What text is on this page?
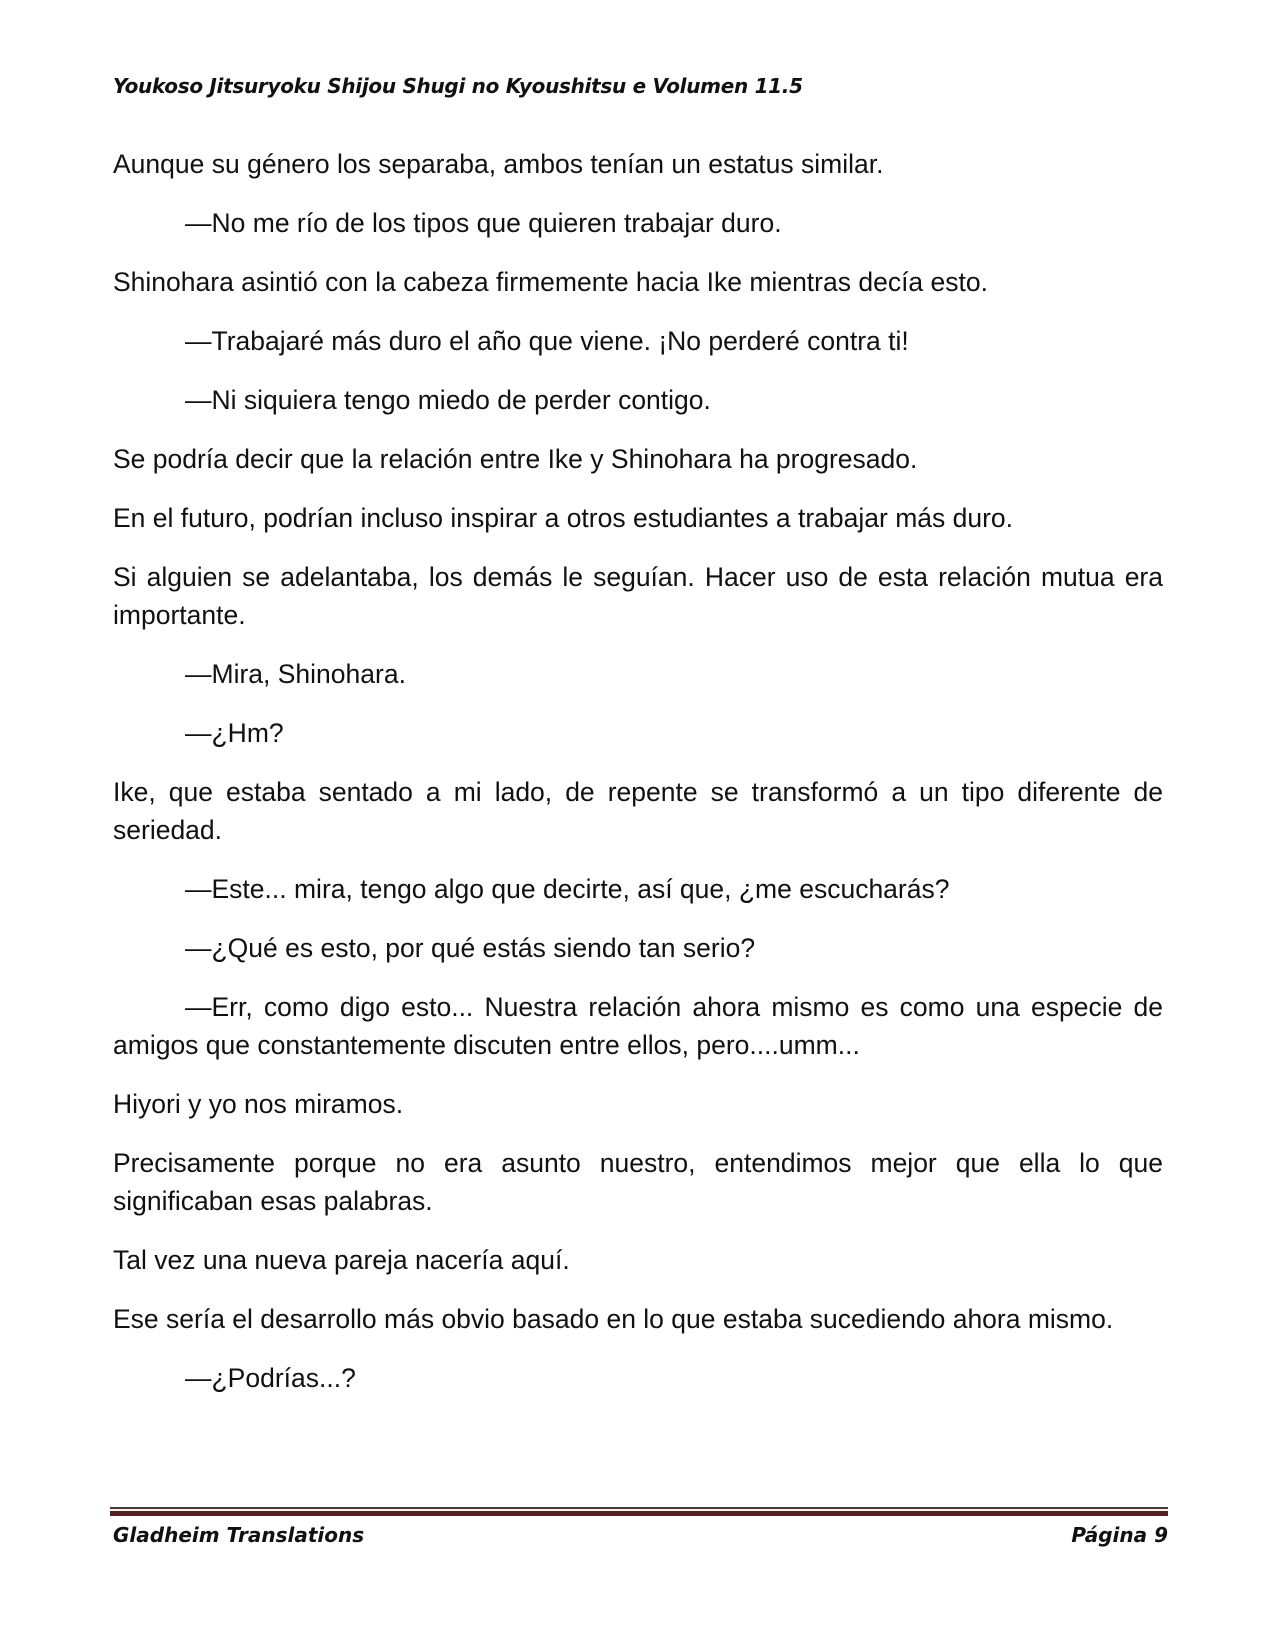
Youkoso Jitsuryoku Shijou Shugi no Kyoushitsu e Volumen 11.5

Aunque su género los separaba, ambos tenían un estatus similar.

—No me río de los tipos que quieren trabajar duro.

Shinohara asintió con la cabeza firmemente hacia Ike mientras decía esto.

—Trabajaré más duro el año que viene. ¡No perderé contra ti!

—Ni siquiera tengo miedo de perder contigo.

Se podría decir que la relación entre Ike y Shinohara ha progresado.

En el futuro, podrían incluso inspirar a otros estudiantes a trabajar más duro.

Si alguien se adelantaba, los demás le seguían. Hacer uso de esta relación mutua era importante.

—Mira, Shinohara.

—¿Hm?

Ike, que estaba sentado a mi lado, de repente se transformó a un tipo diferente de seriedad.

—Este... mira, tengo algo que decirte, así que, ¿me escucharás?

—¿Qué es esto, por qué estás siendo tan serio?

—Err, como digo esto... Nuestra relación ahora mismo es como una especie de amigos que constantemente discuten entre ellos, pero....umm...

Hiyori y yo nos miramos.

Precisamente porque no era asunto nuestro, entendimos mejor que ella lo que significaban esas palabras.

Tal vez una nueva pareja nacería aquí.

Ese sería el desarrollo más obvio basado en lo que estaba sucediendo ahora mismo.

—¿Podrías...?

Gladheim Translations	Página 9
